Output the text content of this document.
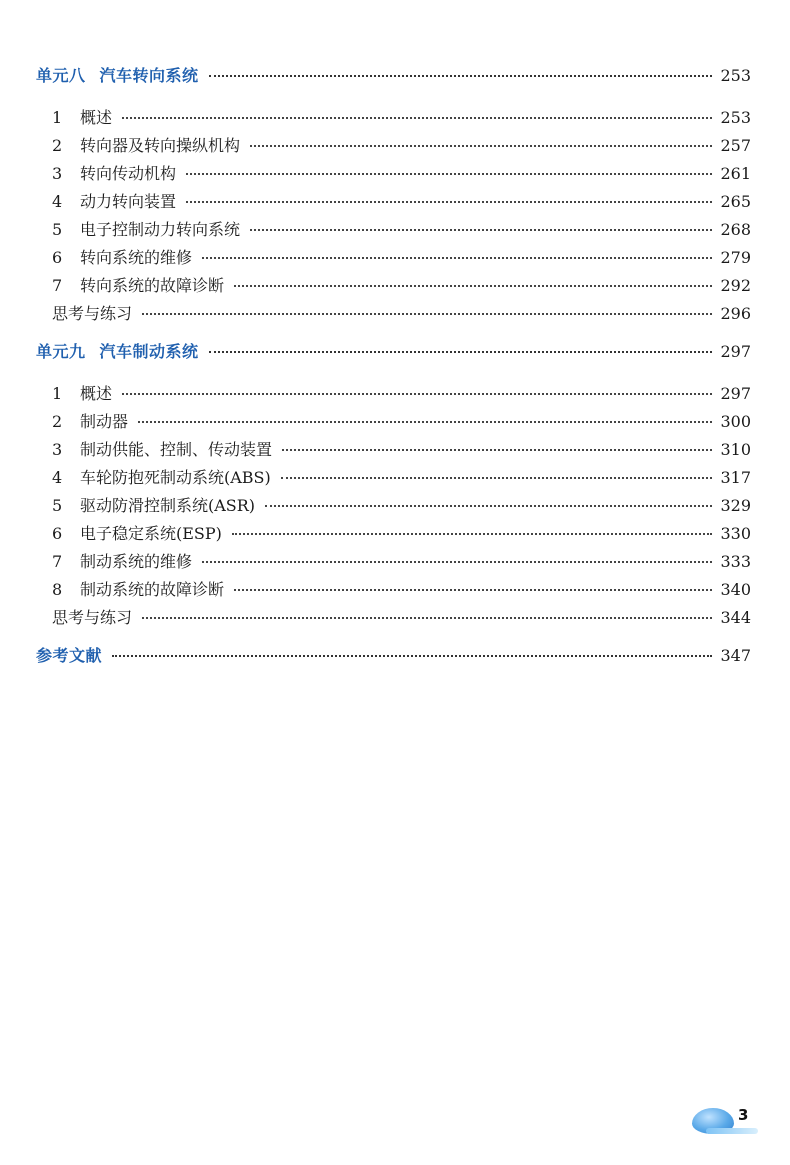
单元八 汽车转向系统	253
1	概述	253
2	转向器及转向操纵机构	257
3	转向传动机构	261
4	动力转向装置	265
5	电子控制动力转向系统	268
6	转向系统的维修	279
7	转向系统的故障诊断	292
思考与练习	296
单元九 汽车制动系统	297
1	概述	297
2	制动器	300
3	制动供能、控制、传动装置	310
4	车轮防抱死制动系统(ABS)	317
5	驱动防滑控制系统(ASR)	329
6	电子稳定系统(ESP)	330
7	制动系统的维修	333
8	制动系统的故障诊断	340
思考与练习	344
参考文献	347
3
